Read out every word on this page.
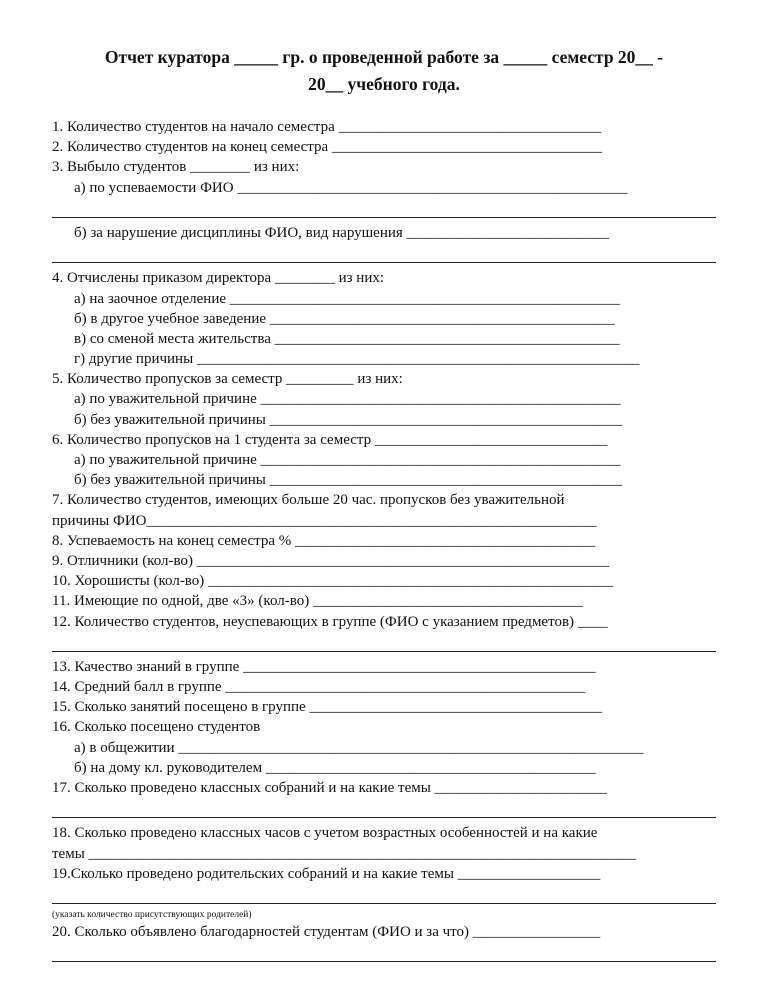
Отчет куратора _____ гр. о проведенной работе за _____ семестр 20__ -
20__ учебного года.
1. Количество студентов на начало семестра ___________________________________
2. Количество студентов на конец семестра ____________________________________
3. Выбыло студентов ________ из них:
а) по успеваемости ФИО ____________________________________________________
б) за нарушение дисциплины ФИО, вид нарушения ___________________________
4. Отчислены приказом директора ________ из них:
а) на заочное отделение ____________________________________________________
б) в другое учебное заведение ______________________________________________
в) со сменой места жительства ______________________________________________
г) другие причины ___________________________________________________________
5. Количество пропусков за семестр _________ из них:
а) по уважительной причине ________________________________________________
б) без уважительной причины _______________________________________________
6. Количество пропусков на 1 студента за семестр _______________________________
а) по уважительной причине ________________________________________________
б) без уважительной причины _______________________________________________
7. Количество студентов, имеющих больше 20 час. пропусков без уважительной
причины ФИО____________________________________________________________
8. Успеваемость на конец семестра % ________________________________________
9. Отличники (кол-во) _______________________________________________________
10. Хорошисты (кол-во) ______________________________________________________
11. Имеющие по одной, две «3» (кол-во) ____________________________________
12. Количество студентов, неуспевающих в группе (ФИО с указанием предметов) ____
13. Качество знаний в группе _______________________________________________
14. Средний балл в группе ________________________________________________
15. Сколько занятий посещено в группе _______________________________________
16. Сколько посещено студентов
а) в общежитии ______________________________________________________________
б) на дому кл. руководителем ____________________________________________
17. Сколько проведено классных собраний и на какие темы _______________________
18. Сколько проведено классных часов с учетом возрастных особенностей и на какие
темы _________________________________________________________________________
19.Сколько проведено родительских собраний и на какие темы ___________________
(указать количество присутствующих родителей)
20. Сколько объявлено благодарностей студентам (ФИО и за что) _________________
